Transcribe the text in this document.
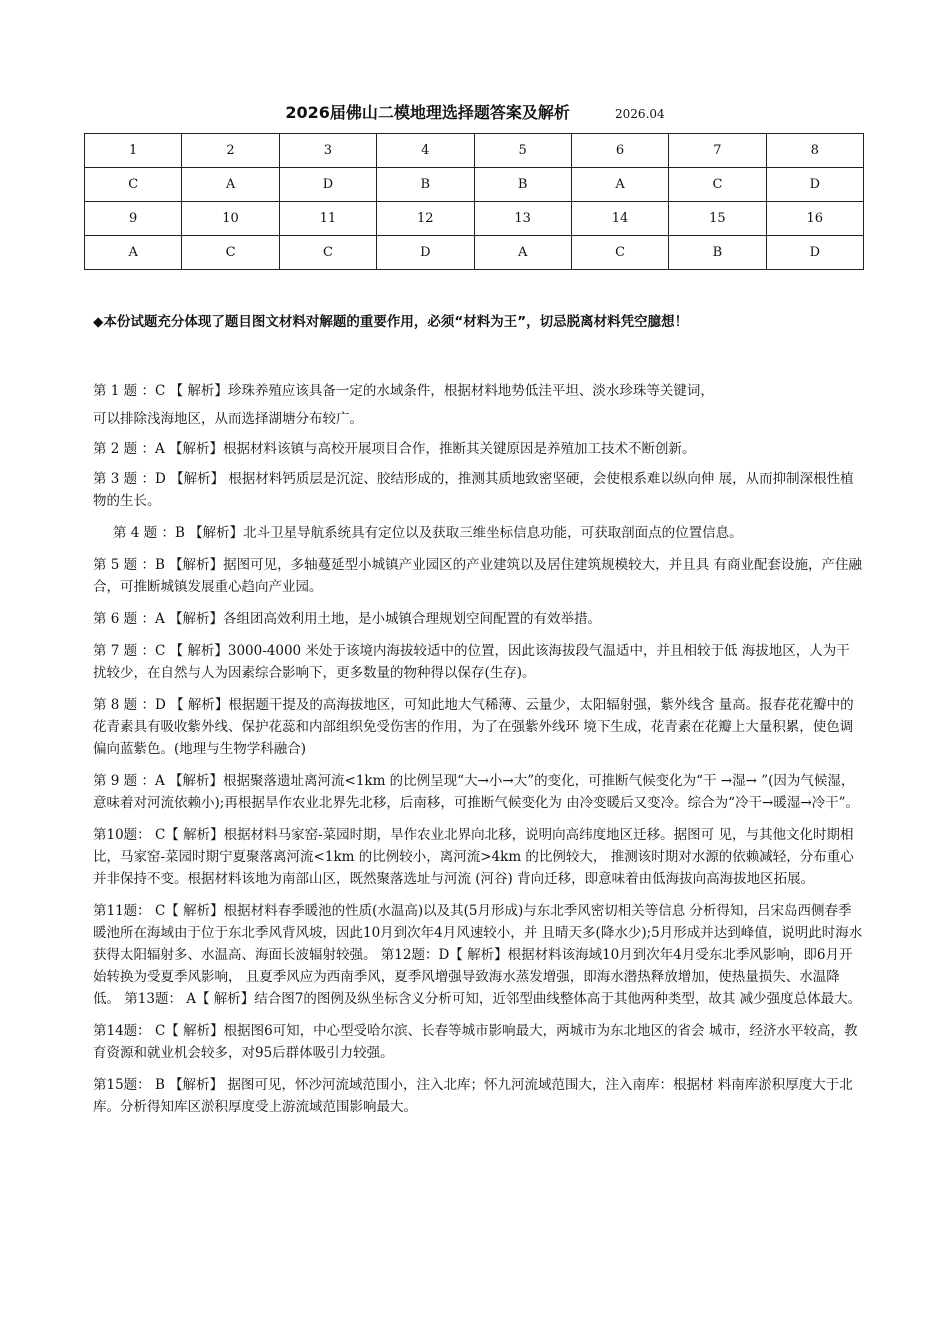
2026届佛山二模地理选择题答案及解析	2026.04
1	2	3	4	5	6	7	8
C	A	D	B	B	A	C	D
9	10	11	12	13	14	15	16
A	C	C	D	A	C	B	D
◆本份试题充分体现了题目图文材料对解题的重要作用，必须“材料为王”，切忌脱离材料凭空臆想！

第 1 题 ：C 【 解析】珍珠养殖应该具备一定的水域条件，根据材料地势低洼平坦、淡水珍珠等关键词，

可以排除浅海地区，从而选择湖塘分布较广。

第 2 题 ：A 【解析】根据材料该镇与高校开展项目合作，推断其关键原因是养殖加工技术不断创新。

第 3 题 ：D 【解析】 根据材料钙质层是沉淀、胶结形成的，推测其质地致密坚硬，会使根系难以纵向伸 展，从而抑制深根性植物的生长。

第 4 题 ：B 【解析】北斗卫星导航系统具有定位以及获取三维坐标信息功能，可获取剖面点的位置信息。

第 5 题 ：B 【解析】据图可见，多轴蔓延型小城镇产业园区的产业建筑以及居住建筑规模较大，并且具 有商业配套设施，产住融合，可推断城镇发展重心趋向产业园。

第 6 题 ：A 【解析】各组团高效利用土地，是小城镇合理规划空间配置的有效举措。

第 7 题 ：C 【 解析】3000-4000 米处于该境内海拔较适中的位置，因此该海拔段气温适中，并且相较于低 海拔地区，人为干扰较少，在自然与人为因素综合影响下，更多数量的物种得以保存(生存)。

第 8 题 ：D 【 解析】根据题干提及的高海拔地区，可知此地大气稀薄、云量少，太阳辐射强，紫外线含 量高。报春花花瓣中的花青素具有吸收紫外线、保护花蕊和内部组织免受伤害的作用，为了在强紫外线环 境下生成，花青素在花瓣上大量积累，使色调偏向蓝紫色。(地理与生物学科融合)

第 9 题 ：A 【解析】根据聚落遗址离河流<1km 的比例呈现“大→小→大”的变化，可推断气候变化为“干 →湿→ ”(因为气候湿，意味着对河流依赖小);再根据旱作农业北界先北移，后南移，可推断气候变化为 由冷变暖后又变冷。综合为“冷干→暖湿→冷干”。

第10题： C【 解析】根据材料马家窑-菜园时期，旱作农业北界向北移，说明向高纬度地区迁移。据图可 见，与其他文化时期相比，马家窑-菜园时期宁夏聚落离河流<1km 的比例较小，离河流>4km 的比例较大， 推测该时期对水源的依赖减轻，分布重心并非保持不变。根据材料该地为南部山区，既然聚落选址与河流 (河谷) 背向迁移，即意味着由低海拔向高海拔地区拓展。

第11题： C【 解析】根据材料春季暖池的性质(水温高)以及其(5月形成)与东北季风密切相关等信息 分析得知，吕宋岛西侧春季暖池所在海域由于位于东北季风背风坡，因此10月到次年4月风速较小，并 且晴天多(降水少);5月形成并达到峰值，说明此时海水获得太阳辐射多、水温高、海面长波辐射较强。 第12题：D【 解析】根据材料该海域10月到次年4月受东北季风影响，即6月开始转换为受夏季风影响， 且夏季风应为西南季风，夏季风增强导致海水蒸发增强，即海水潜热释放增加，使热量损失、水温降低。 第13题： A【 解析】结合图7的图例及纵坐标含义分析可知，近邻型曲线整体高于其他两种类型，故其 减少强度总体最大。

第14题： C【 解析】根据图6可知，中心型受哈尔滨、长春等城市影响最大，两城市为东北地区的省会 城市，经济水平较高，教育资源和就业机会较多，对95后群体吸引力较强。

第15题： B 【解析】 据图可见，怀沙河流域范围小，注入北库；怀九河流域范围大，注入南库：根据材 料南库淤积厚度大于北库。分析得知库区淤积厚度受上游流域范围影响最大。
